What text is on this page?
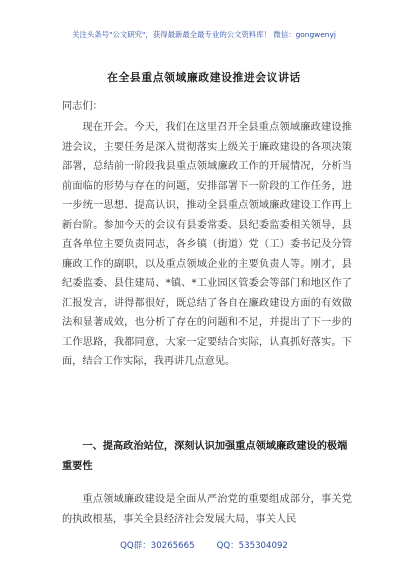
关注头条号"公文研究"，获得最新最全最专业的公文资料库！ 微信：gongwenyj
在全县重点领域廉政建设推进会议讲话
同志们：

现在开会。今天，我们在这里召开全县重点领域廉政建设推进会议，主要任务是深入贯彻落实上级关于廉政建设的各项决策部署，总结前一阶段我县重点领域廉政工作的开展情况，分析当前面临的形势与存在的问题，安排部署下一阶段的工作任务，进一步统一思想、提高认识，推动全县重点领域廉政建设工作再上新台阶。参加今天的会议有县委常委、县纪委监委相关领导，县直各单位主要负责同志，各乡镇（街道）党（工）委书记及分管廉政工作的副职，以及重点领域企业的主要负责人等。刚才，县纪委监委、县住建局、*镇、*工业园区管委会等部门和地区作了汇报发言，讲得都很好，既总结了各自在廉政建设方面的有效做法和显著成效，也分析了存在的问题和不足，并提出了下一步的工作思路，我都同意，大家一定要结合实际，认真抓好落实。下面，结合工作实际，我再讲几点意见。

一、提高政治站位，深刻认识加强重点领域廉政建设的极端重要性

重点领域廉政建设是全面从严治党的重要组成部分，事关党的执政根基，事关全县经济社会发展大局，事关人民

QQ群：30265665	QQ：535304092
